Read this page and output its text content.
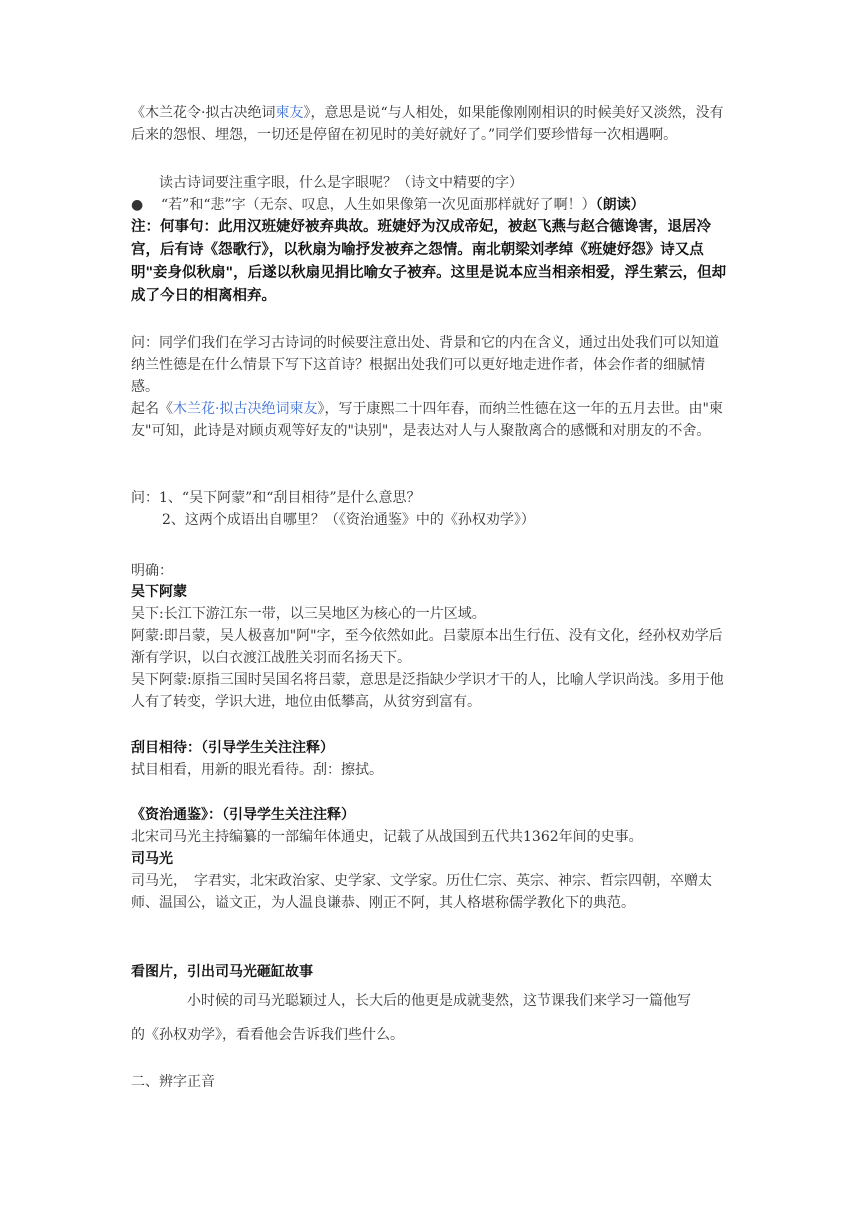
《木兰花令·拟古决绝词柬友》，意思是说“与人相处，如果能像刚刚相识的时候美好又淡然，没有后来的怨恨、埋怨，一切还是停留在初见时的美好就好了。”同学们要珍惜每一次相遇啊。

读古诗词要注重字眼，什么是字眼呢？（诗文中精要的字）

● “若”和“悲”字（无奈、叹息，人生如果像第一次见面那样就好了啊！）（朗读）

注：何事句：此用汉班婕妤被弃典故。班婕妤为汉成帝妃，被赵飞燕与赵合德谗害，退居冷宫，后有诗《怨歌行》，以秋扇为喻抒发被弃之怨情。南北朝梁刘孝绰《班婕妤怨》诗又点明"妾身似秋扇"，后遂以秋扇见捐比喻女子被弃。这里是说本应当相亲相爱，浮生萦云，但却成了今日的相离相弃。

问：同学们我们在学习古诗词的时候要注意出处、背景和它的内在含义，通过出处我们可以知道纳兰性德是在什么情景下写下这首诗？根据出处我们可以更好地走进作者，体会作者的细腻情感。

起名《木兰花·拟古决绝词柬友》，写于康熙二十四年春，而纳兰性德在这一年的五月去世。由"柬友"可知，此诗是对顾贞观等好友的"诀别"，是表达对人与人聚散离合的感慨和对朋友的不舍。

问：1、“吴下阿蒙”和“刮目相待”是什么意思？

2、这两个成语出自哪里？（《资治通鉴》中的《孙权劝学》）

明确：

吴下阿蒙

吴下:长江下游江东一带，以三吴地区为核心的一片区域。

阿蒙:即吕蒙，吴人极喜加"阿"字，至今依然如此。吕蒙原本出生行伍、没有文化，经孙权劝学后渐有学识，以白衣渡江战胜关羽而名扬天下。

吴下阿蒙:原指三国时吴国名将吕蒙，意思是泛指缺少学识才干的人，比喻人学识尚浅。多用于他人有了转变，学识大进，地位由低攀高，从贫穷到富有。

刮目相待：（引导学生关注注释）

拭目相看，用新的眼光看待。刮：擦拭。

《资治通鉴》：（引导学生关注注释）

北宋司马光主持编纂的一部编年体通史，记载了从战国到五代共1362年间的史事。

司马光

司马光，　字君实，北宋政治家、史学家、文学家。历仕仁宗、英宗、神宗、哲宗四朝，卒赠太师、温国公，谥文正，为人温良谦恭、刚正不阿，其人格堪称儒学教化下的典范。

看图片，引出司马光砸缸故事

小时候的司马光聪颖过人，长大后的他更是成就斐然，这节课我们来学习一篇他写

的《孙权劝学》，看看他会告诉我们些什么。

二、辨字正音
